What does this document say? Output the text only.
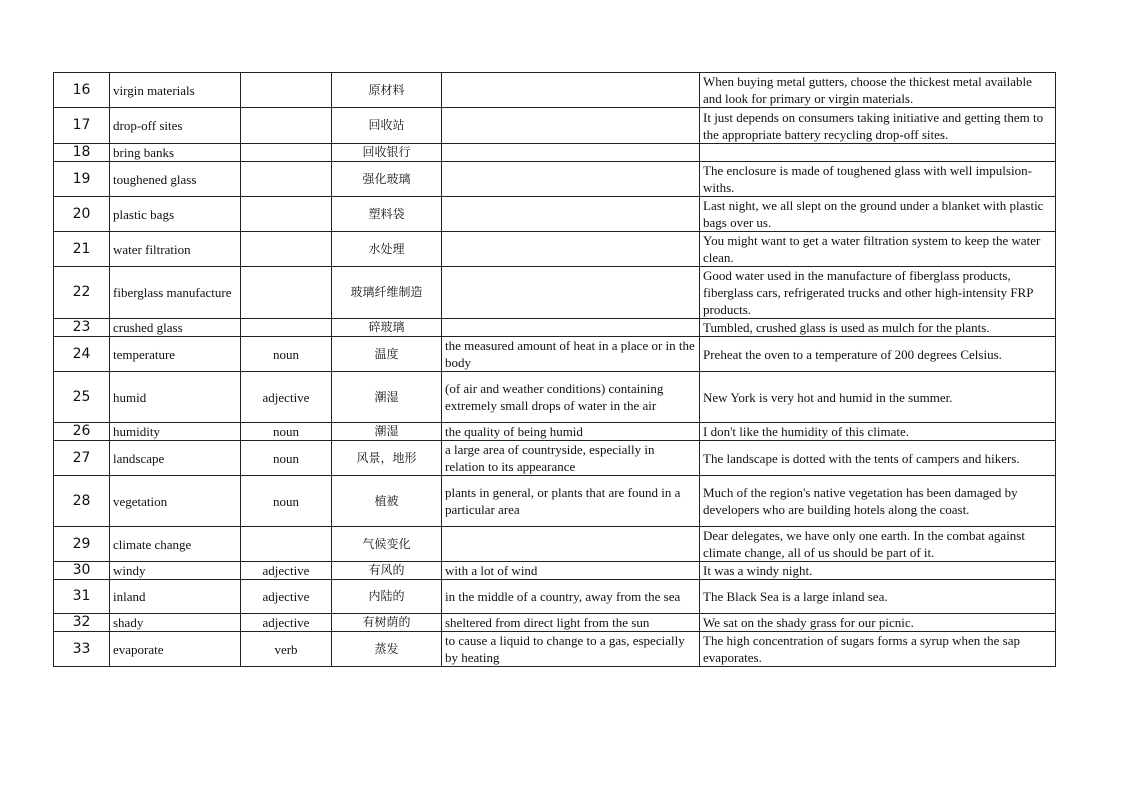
16	virgin materials		原材料		When buying metal gutters, choose the thickest metal available and look for primary or virgin materials.
17	drop-off sites		回收站		It just depends on consumers taking initiative and getting them to the appropriate battery recycling drop-off sites.
18	bring banks		回收银行		
19	toughened glass		强化玻璃		The enclosure is made of toughened glass with well impulsion-withs.
20	plastic bags		塑料袋		Last night, we all slept on the ground under a blanket with plastic bags over us.
21	water filtration		水处理		You might want to get a water filtration system to keep the water clean.
22	fiberglass manufacture		玻璃纤维制造		Good water used in the manufacture of fiberglass products, fiberglass cars, refrigerated trucks and other high-intensity FRP products.
23	crushed glass		碎玻璃		Tumbled, crushed glass is used as mulch for the plants.
24	temperature	noun	温度	the measured amount of heat in a place or in the body	Preheat the oven to a temperature of 200 degrees Celsius.
25	humid	adjective	潮湿	(of air and weather conditions) containing extremely small drops of water in the air	New York is very hot and humid in the summer.
26	humidity	noun	潮湿	the quality of being humid	I don't like the humidity of this climate.
27	landscape	noun	风景，地形	a large area of countryside, especially in relation to its appearance	The landscape is dotted with the tents of campers and hikers.
28	vegetation	noun	植被	plants in general, or plants that are found in a particular area	Much of the region's native vegetation has been damaged by developers who are building hotels along the coast.
29	climate change		气候变化		Dear delegates, we have only one earth. In the combat against climate change, all of us should be part of it.
30	windy	adjective	有风的	with a lot of wind	It was a windy night.
31	inland	adjective	内陆的	in the middle of a country, away from the sea	The Black Sea is a large inland sea.
32	shady	adjective	有树荫的	sheltered from direct light from the sun	We sat on the shady grass for our picnic.
33	evaporate	verb	蒸发	to cause a liquid to change to a gas, especially by heating	The high concentration of sugars forms a syrup when the sap evaporates.
